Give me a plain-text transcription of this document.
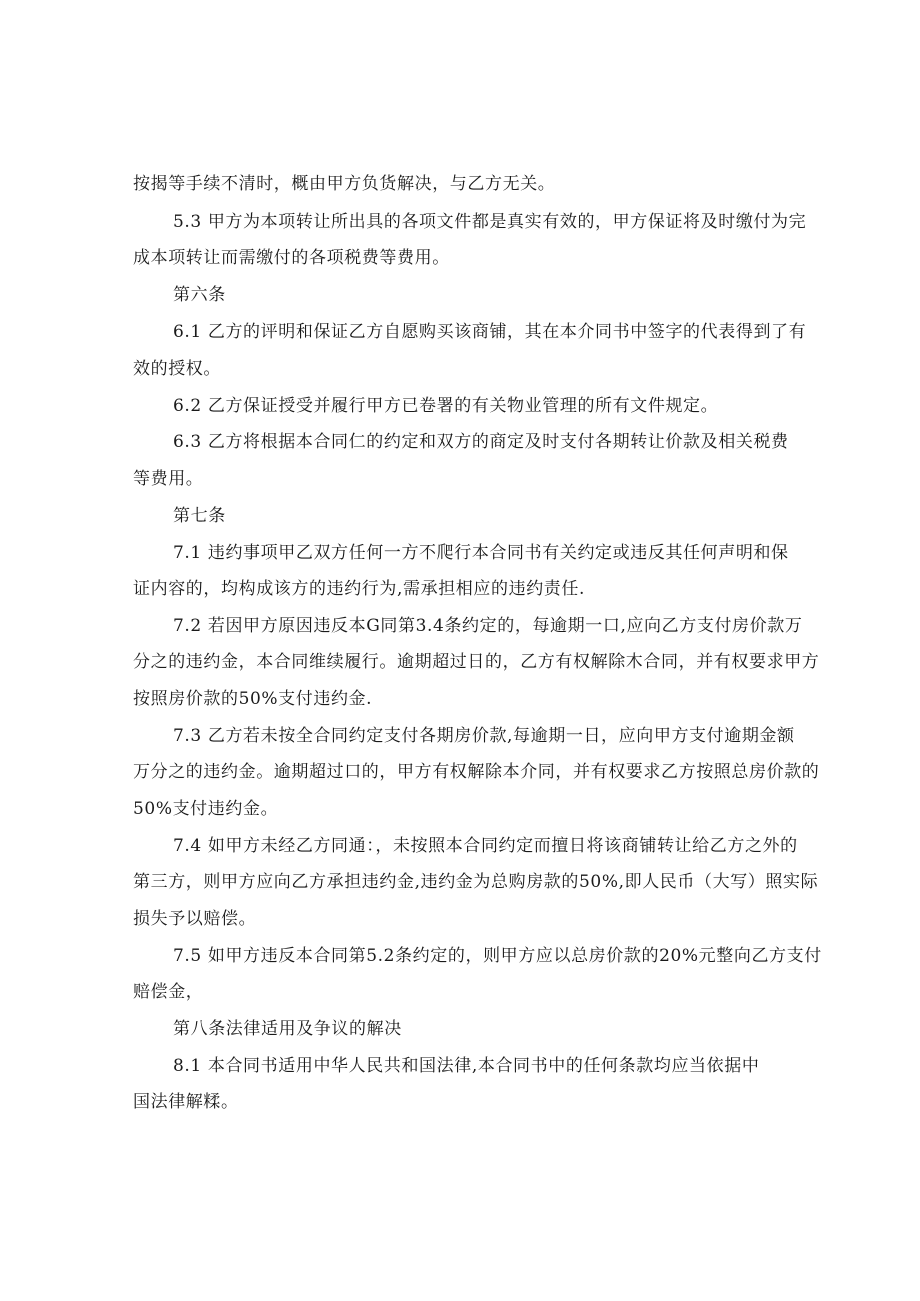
按揭等手续不清时，概由甲方负货解决，与乙方无关。
5.3 甲方为本项转让所出具的各项文件都是真实有效的，甲方保证将及时缴付为完
成本项转让而需缴付的各项税费等费用。
第六条
6.1 乙方的评明和保证乙方自愿购买该商铺，其在本介同书中签字的代表得到了有
效的授权。
6.2 乙方保证授受并履行甲方已卷署的有关物业管理的所有文件规定。
6.3 乙方将根据本合同仁的约定和双方的商定及时支付各期转让价款及相关税费
等费用。
第七条
7.1 违约事项甲乙双方任何一方不爬行本合同书有关约定或违反其任何声明和保
证内容的，均构成该方的违约行为,需承担相应的违约责任.
7.2 若因甲方原因违反本G同第3.4条约定的，每逾期一口,应向乙方支付房价款万
分之的违约金，本合同维续履行。逾期超过日的，乙方有权解除木合同，并有权要求甲方
按照房价款的50%支付违约金.
7.3 乙方若未按全合同约定支付各期房价款,每逾期一日，应向甲方支付逾期金额
万分之的违约金。逾期超过口的，甲方有权解除本介同，并有权要求乙方按照总房价款的
50%支付违约金。
7.4 如甲方未经乙方同通：，未按照本合同约定而擅日将该商铺转让给乙方之外的
第三方，则甲方应向乙方承担违约金,违约金为总购房款的50%,即人民币（大写）照实际
损失予以赔偿。
7.5 如甲方违反本合同第5.2条约定的，则甲方应以总房价款的20%元整向乙方支付
赔偿金，
第八条法律适用及争议的解决
8.1 本合同书适用中华人民共和国法律,本合同书中的任何条款均应当依据中
国法律解糅。
